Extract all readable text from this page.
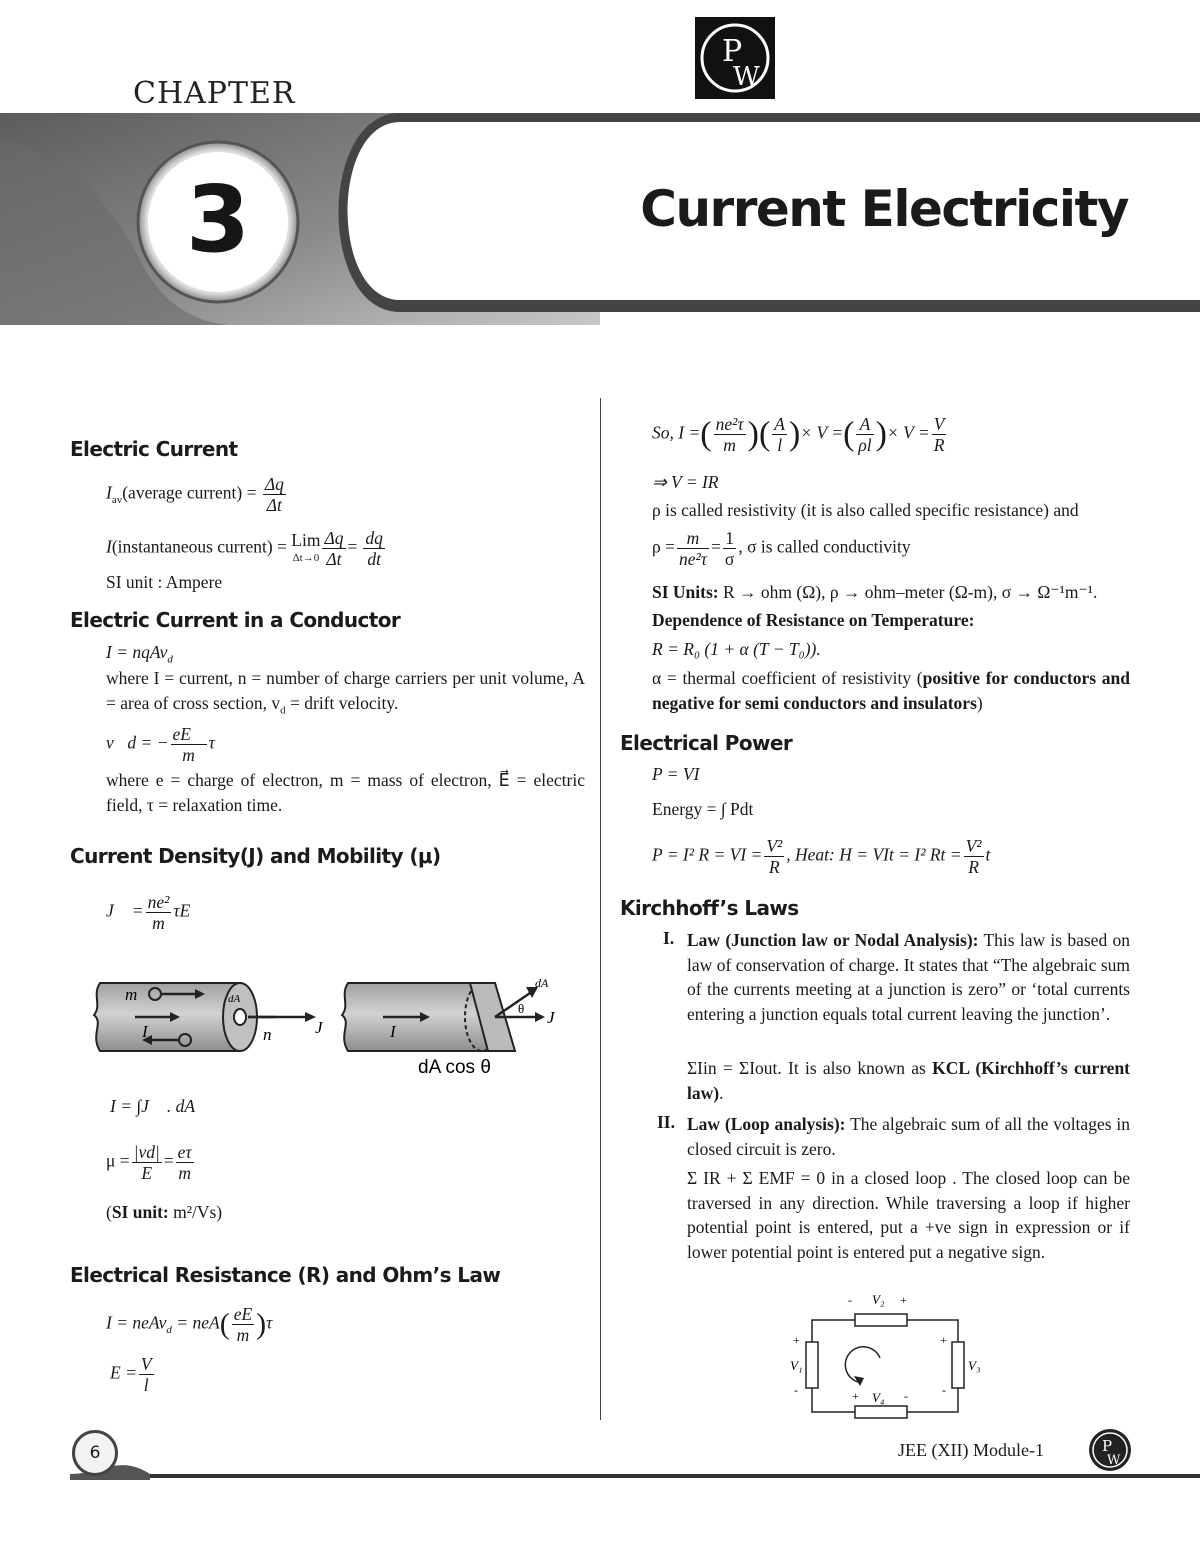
CHAPTER
3	Current Electricity
P
W
Electric Current
$I_{av}(average$ current) = $\frac{\Delta q}{\Delta t}$
I(instantaneous current) = Lim
$\Delta t\to 0 \frac{\Delta q}{\Delta t} = \frac{dq}{dt}$
SI unit : Ampere
Electric Current in a Conductor
I = nqAv$_d$
where I = current, n = number of charge carriers per unit volume, A = area of cross section, $v_d$ = drift velocity.
v⃗d = − $\frac{eE⃗}{m}$ τ
where e = charge of electron, m = mass of electron, E⃗ = electric field, τ = relaxation time.
Current Density(J) and Mobility (μ)
J⃗ = $\frac{\text{ne²}}{m}$ τE⃗
m
I
dA
n	J	I
dA
θ J
dA cos θ
I = ∫J⃗ . dA⃗
$\mu = \frac{|vd|}{E} = \frac{e\tau}{m}$
(SI unit: m²/Vs)
Electrical Resistance (R) and Ohm’s Law
I = neAv$_d$ = $neA( \frac{eE}{m} )\tau$
$E = \frac{V}{l}$
So, I =( $\frac{\text{ne²τ}}{m}$ )( $\frac{A}{l}$ )× V =( $\frac{A}{\rho l}$ )× $V = \frac{V}{R}$
⇒ V = IR
ρ is called resistivity (it is also called specific resistance) and
$\rho = \frac{m}{\text{ne²τ}} = \frac{1}{\sigma}$ , σ is called conductivity
SI Units: R → ohm (Ω), ρ → ohm–meter (Ω-m), σ → Ω⁻¹m⁻¹.
Dependence of Resistance on Temperature:
R = R₀ (1 + α (T − T₀)).
α = thermal coefficient of resistivity (positive for conductors and negative for semi conductors and insulators)
Electrical Power
P = VI
Energy = ∫ Pdt
P = I² R = VI = $\frac{\text{V²}}{R}$ , Heat: H = VIt = I² $Rt = \frac{\text{V²}}{R}$ t
Kirchhoff’s Laws
I. Law (Junction law or Nodal Analysis): This law is based on law of conservation of charge. It states that “The algebraic sum of the currents meeting at a junction is zero” or ‘total currents entering a junction equals total current leaving the junction’.
ΣIin = ΣIout. It is also known as KCL (Kirchhoff’s current law).
II. Law (Loop analysis): The algebraic sum of all the voltages in closed circuit is zero.
Σ IR + Σ EMF = 0 in a closed loop . The closed loop can be traversed in any direction. While traversing a loop if higher potential point is entered, put a +ve sign in expression or if lower potential point is entered put a negative sign.
V₂
V₄
V₁	V₃
+
-
+	-
+
-
+
-
6	JEE (XII) Module-1	P
W
